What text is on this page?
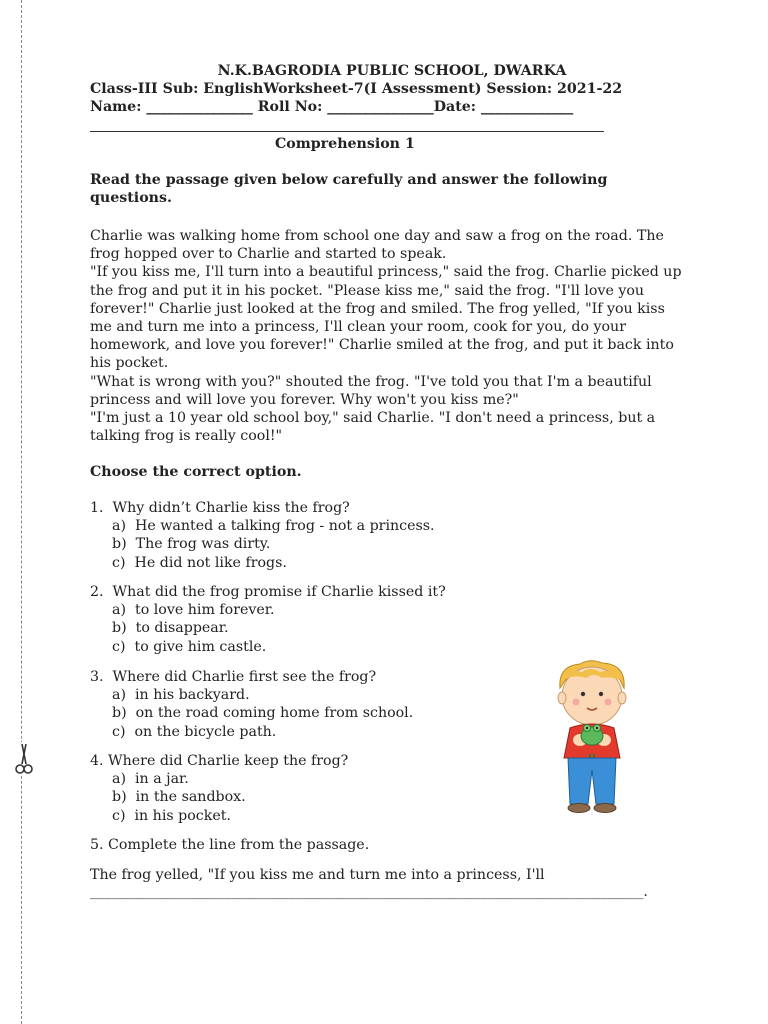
N.K.BAGRODIA PUBLIC SCHOOL, DWARKA
Class-III Sub: EnglishWorksheet-7(I Assessment) Session: 2021-22
Name: _______________ Roll No: _______________Date: _____________
Comprehension 1
Read the passage given below carefully and answer the following questions.

Charlie was walking home from school one day and saw a frog on the road. The frog hopped over to Charlie and started to speak.

"If you kiss me, I'll turn into a beautiful princess," said the frog. Charlie picked up the frog and put it in his pocket. "Please kiss me," said the frog. "I'll love you forever!" Charlie just looked at the frog and smiled. The frog yelled, "If you kiss me and turn me into a princess, I'll clean your room, cook for you, do your homework, and love you forever!" Charlie smiled at the frog, and put it back into his pocket.

"What is wrong with you?" shouted the frog. "I've told you that I'm a beautiful princess and will love you forever. Why won't you kiss me?"

"I'm just a 10 year old school boy," said Charlie. "I don't need a princess, but a talking frog is really cool!"

Choose the correct option.
1.  Why didn’t Charlie kiss the frog?
a)  He wanted a talking frog - not a princess.
b)  The frog was dirty.
c)  He did not like frogs.
2.  What did the frog promise if Charlie kissed it?
a)  to love him forever.
b)  to disappear.
c)  to give him castle.
3.  Where did Charlie first see the frog?
a)  in his backyard.
b)  on the road coming home from school.
c)  on the bicycle path.
4. Where did Charlie keep the frog?
a)  in a jar.
b)  in the sandbox.
c)  in his pocket.
5. Complete the line from the passage.
The frog yelled, "If you kiss me and turn me into a princess, I'll
______________________________________________________________________________.
